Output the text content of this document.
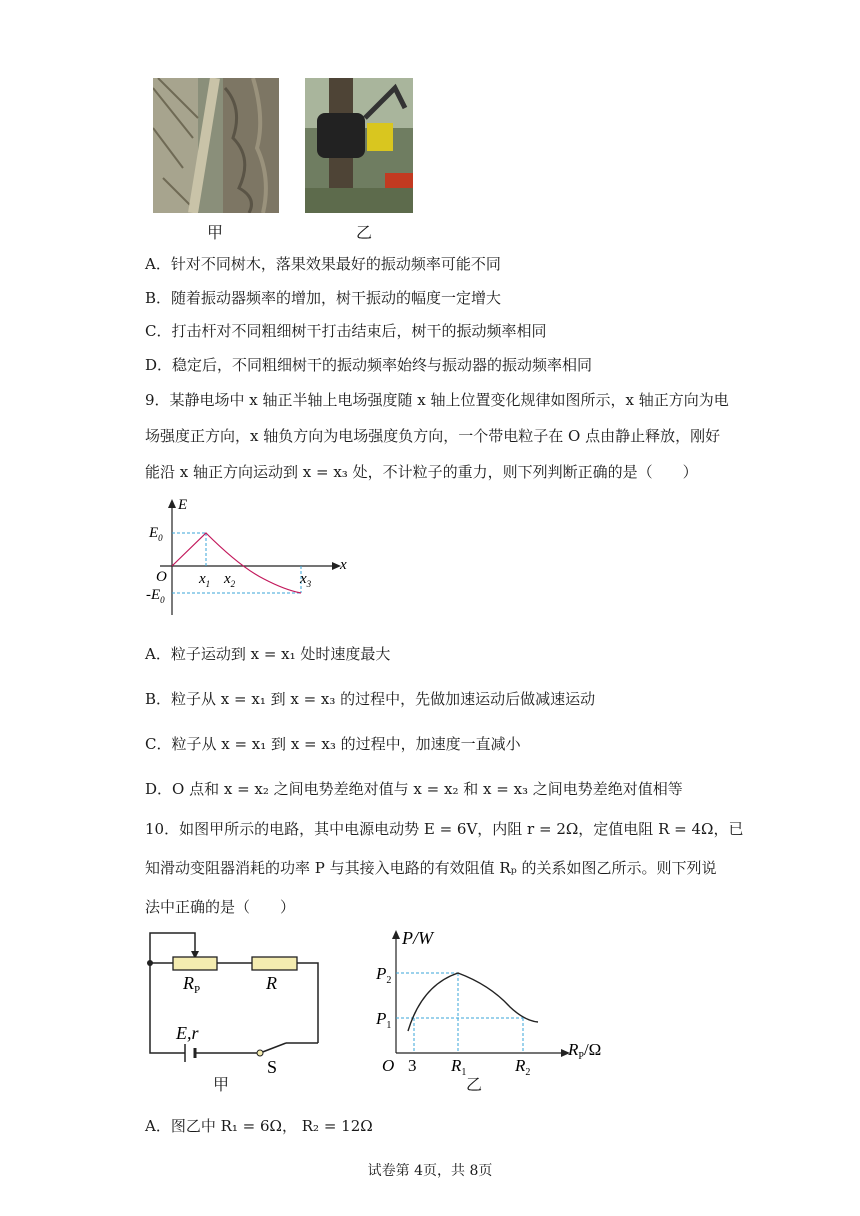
甲	乙
A．针对不同树木，落果效果最好的振动频率可能不同
B．随着振动器频率的增加，树干振动的幅度一定增大
C．打击杆对不同粗细树干打击结束后，树干的振动频率相同
D．稳定后，不同粗细树干的振动频率始终与振动器的振动频率相同
9．某静电场中 x 轴正半轴上电场强度随 x 轴上位置变化规律如图所示，x 轴正方向为电
场强度正方向，x 轴负方向为电场强度负方向，一个带电粒子在 O 点由静止释放，刚好
能沿 x 轴正方向运动到 x = x₃ 处，不计粒子的重力，则下列判断正确的是（　　）
E
x
O
$E_0$
$-E_0$
$x_1$ $x_2$	$x_3$
A．粒子运动到 x = x₁ 处时速度最大
B．粒子从 x = x₁ 到 x = x₃ 的过程中，先做加速运动后做减速运动
C．粒子从 x = x₁ 到 x = x₃ 的过程中，加速度一直减小
D．O 点和 x = x₂ 之间电势差绝对值与 x = x₂ 和 x = x₃ 之间电势差绝对值相等
10．如图甲所示的电路，其中电源电动势 E = 6V，内阻 r = 2Ω，定值电阻 R = 4Ω，已
知滑动变阻器消耗的功率 P 与其接入电路的有效阻值 Rₚ 的关系如图乙所示。则下列说
法中正确的是（　　）
$R_P$	R
E,r
S
甲
P/W
$R_P/\Omega$
O 3
$P_2$
$P_1$
$R_1$	$R_2$
乙
A．图乙中 R₁ = 6Ω， R₂ = 12Ω
试卷第 4页，共 8页
